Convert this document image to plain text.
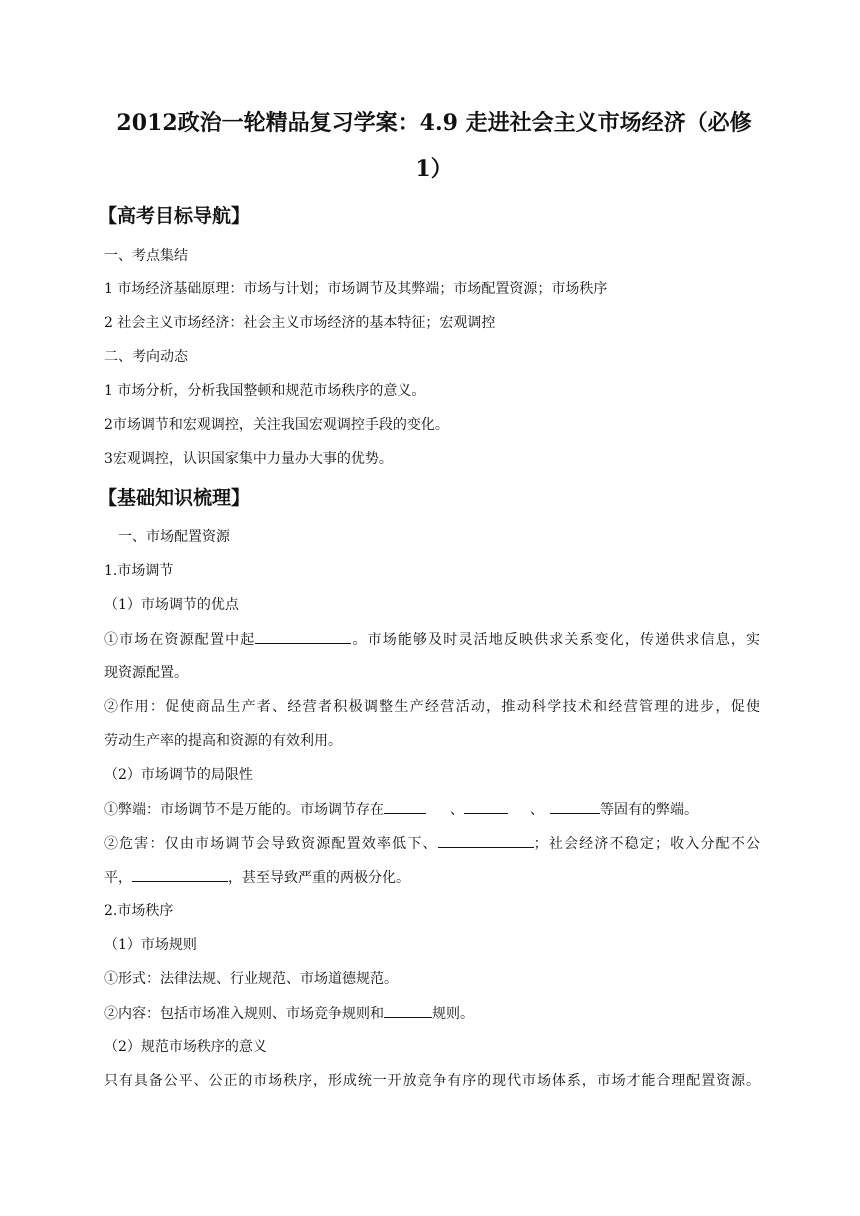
2012政治一轮精品复习学案：4.9 走进社会主义市场经济（必修
1）
【高考目标导航】
一、考点集结
1 市场经济基础原理：市场与计划；市场调节及其弊端；市场配置资源；市场秩序
2 社会主义市场经济：社会主义市场经济的基本特征；宏观调控
二、考向动态
1 市场分析，分析我国整顿和规范市场秩序的意义。
2市场调节和宏观调控，关注我国宏观调控手段的变化。
3宏观调控，认识国家集中力量办大事的优势。
【基础知识梳理】
一、市场配置资源
1.市场调节
（1）市场调节的优点
①市场在资源配置中起	。市场能够及时灵活地反映供求关系变化，传递供求信息，实
现资源配置。
②作用：促使商品生产者、经营者积极调整生产经营活动，推动科学技术和经营管理的进步，促使
劳动生产率的提高和资源的有效利用。
（2）市场调节的局限性
①弊端：市场调节不是万能的。市场调节存在	、	、	等固有的弊端。
②危害：仅由市场调节会导致资源配置效率低下、	；社会经济不稳定；收入分配不公
平，	，甚至导致严重的两极分化。
2.市场秩序
（1）市场规则
①形式：法律法规、行业规范、市场道德规范。
②内容：包括市场准入规则、市场竞争规则和	规则。
（2）规范市场秩序的意义
只有具备公平、公正的市场秩序，形成统一开放竞争有序的现代市场体系，市场才能合理配置资源。
